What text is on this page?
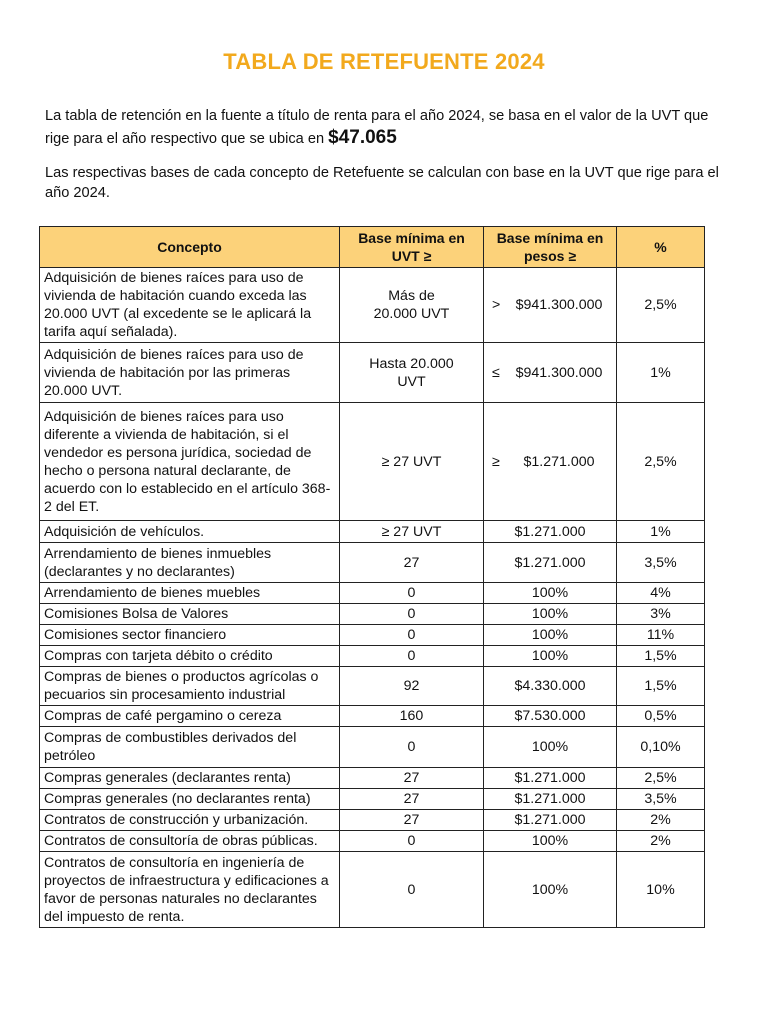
TABLA DE RETEFUENTE 2024

La tabla de retención en la fuente a título de renta para el año 2024, se basa en el valor de la UVT que rige para el año respectivo que se ubica en $47.065

Las respectivas bases de cada concepto de Retefuente se calculan con base en la UVT que rige para el año 2024.

Concepto	Base mínima en UVT ≥	Base mínima en pesos ≥	%
Adquisición de bienes raíces para uso de vivienda de habitación cuando exceda las 20.000 UVT (al excedente se le aplicará la tarifa aquí señalada).	Más de 20.000 UVT	> $941.300.000	2,5%
Adquisición de bienes raíces para uso de vivienda de habitación por las primeras 20.000 UVT.	Hasta 20.000 UVT	≤ $941.300.000	1%
Adquisición de bienes raíces para uso diferente a vivienda de habitación, si el vendedor es persona jurídica, sociedad de hecho o persona natural declarante, de acuerdo con lo establecido en el artículo 368-2 del ET.	≥ 27 UVT	≥ $1.271.000	2,5%
Adquisición de vehículos.	≥ 27 UVT	$1.271.000	1%
Arrendamiento de bienes inmuebles (declarantes y no declarantes)	27	$1.271.000	3,5%
Arrendamiento de bienes muebles	0	100%	4%
Comisiones Bolsa de Valores	0	100%	3%
Comisiones sector financiero	0	100%	11%
Compras con tarjeta débito o crédito	0	100%	1,5%
Compras de bienes o productos agrícolas o pecuarios sin procesamiento industrial	92	$4.330.000	1,5%
Compras de café pergamino o cereza	160	$7.530.000	0,5%
Compras de combustibles derivados del petróleo	0	100%	0,10%
Compras generales (declarantes renta)	27	$1.271.000	2,5%
Compras generales (no declarantes renta)	27	$1.271.000	3,5%
Contratos de construcción y urbanización.	27	$1.271.000	2%
Contratos de consultoría de obras públicas.	0	100%	2%
Contratos de consultoría en ingeniería de proyectos de infraestructura y edificaciones a favor de personas naturales no declarantes del impuesto de renta.	0	100%	10%
